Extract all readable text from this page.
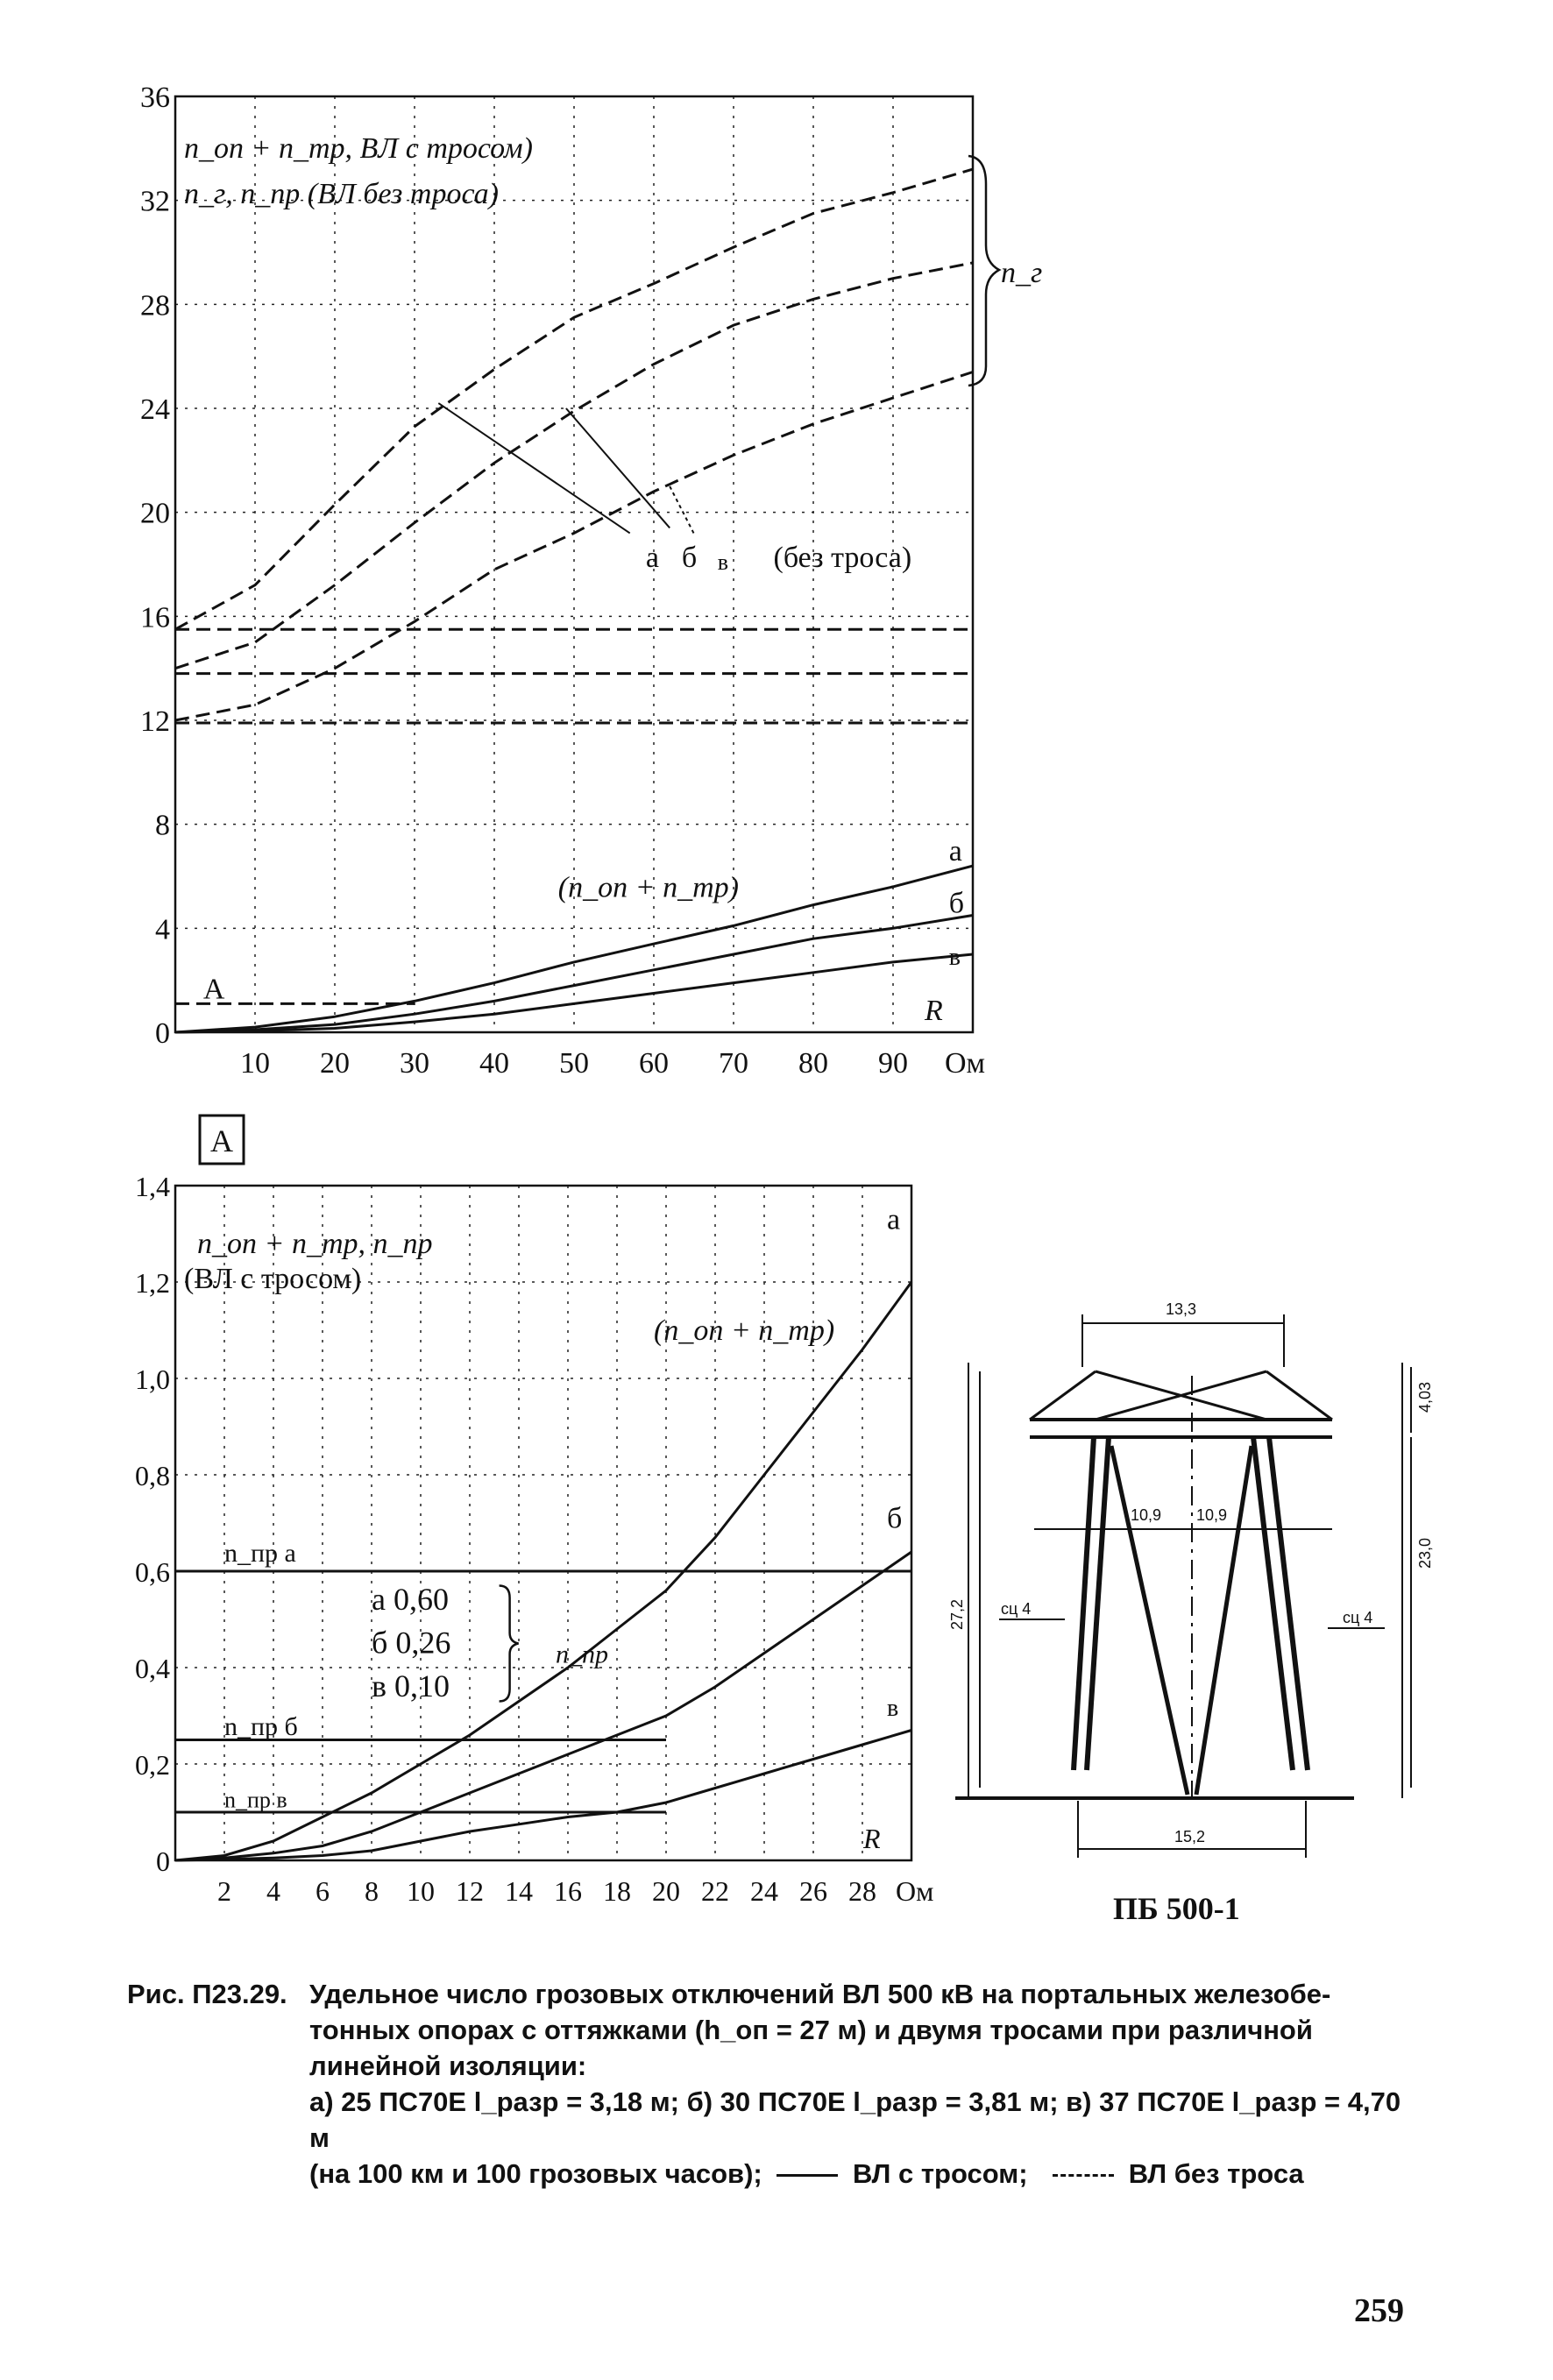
10 20 30 40 50 60 70 80 90
0
4
8
12
16
20
24
28
32
36
Ом
R
n_оп + n_тр, ВЛ с тросом)
n_г, n_пр (ВЛ без троса)
n_г
а б в (без троса)
(n_оп + n_тр)
а
б
в
А
2 4 6 8 10 12 14 16 18 20 22 24 26 28
0
0,2
0,4
0,6
0,8
1,0
1,2
1,4
Ом
R
А
n_оп + n_тр, n_пр
(ВЛ с тросом)
(n_оп + n_тр)
а
б
в
n_пр а
n_пр б
n_пр в
а 0,60
б 0,26
в 0,10
n_пр
13,3
10,9 10,9
15,2
сц 4	сц 4
27,2
23,0
4,03
ПБ 500-1
Рис. П23.29. Удельное число грозовых отключений ВЛ 500 кВ на портальных железобе-
тонных опорах с оттяжками (h_оп = 27 м) и двумя тросами при различной
линейной изоляции:
а) 25 ПС70Е l_разр = 3,18 м; б) 30 ПС70Е l_разр = 3,81 м; в) 37 ПС70Е l_разр = 4,70 м
(на 100 км и 100 грозовых часов);	ВЛ с тросом;	ВЛ без троса
259
